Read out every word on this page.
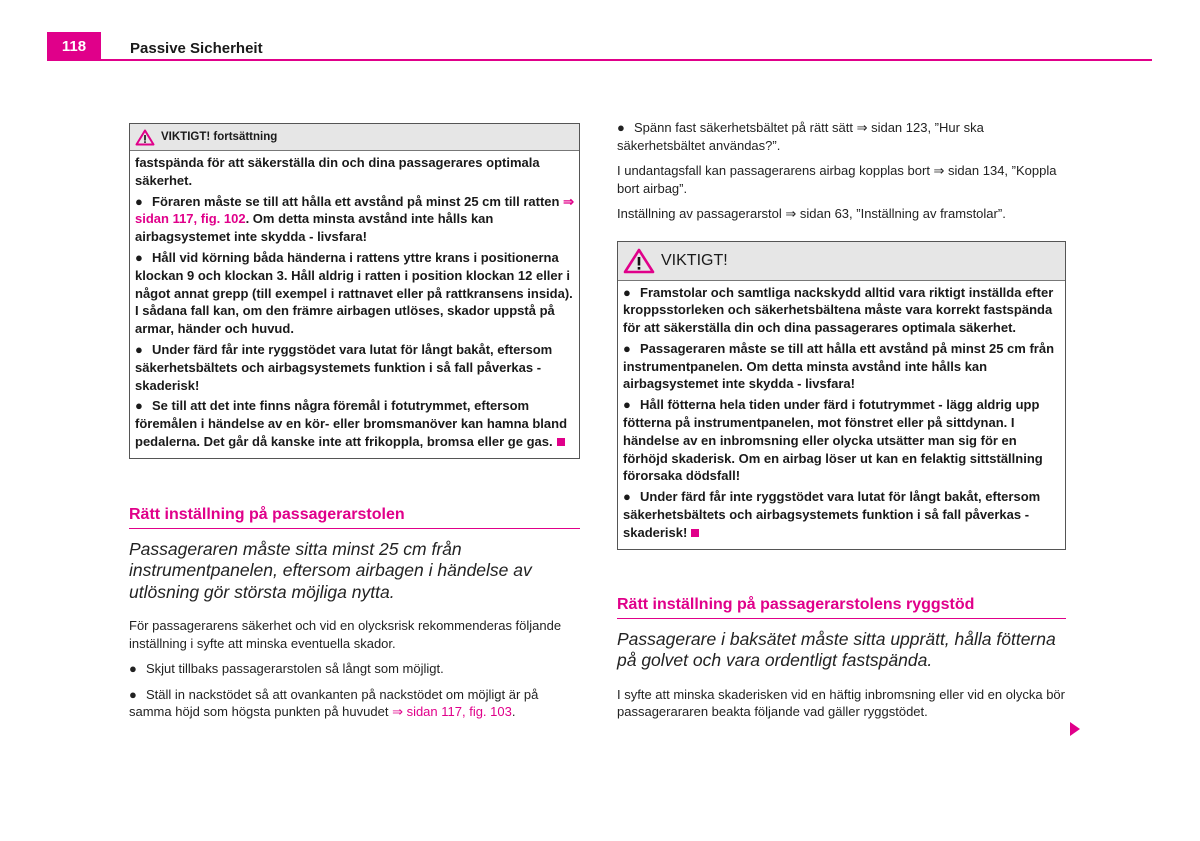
118	Passive Sicherheit
VIKTIGT! fortsättning

fastspända för att säkerställa din och dina passagerares optimala säkerhet.

● Föraren måste se till att hålla ett avstånd på minst 25 cm till ratten ⇒ sidan 117, fig. 102. Om detta minsta avstånd inte hålls kan airbagsystemet inte skydda - livsfara!

● Håll vid körning båda händerna i rattens yttre krans i positionerna klockan 9 och klockan 3. Håll aldrig i ratten i position klockan 12 eller i något annat grepp (till exempel i rattnavet eller på rattkransens insida). I sådana fall kan, om den främre airbagen utlöses, skador uppstå på armar, händer och huvud.

● Under färd får inte ryggstödet vara lutat för långt bakåt, eftersom säkerhetsbältets och airbagsystemets funktion i så fall påverkas - skaderisk!

● Se till att det inte finns några föremål i fotutrymmet, eftersom föremålen i händelse av en kör- eller bromsmanöver kan hamna bland pedalerna. Det går då kanske inte att frikoppla, bromsa eller ge gas.

Rätt inställning på passagerarstolen

Passageraren måste sitta minst 25 cm från instrumentpanelen, eftersom airbagen i händelse av utlösning gör största möjliga nytta.

För passagerarens säkerhet och vid en olycksrisk rekommenderas följande inställning i syfte att minska eventuella skador.

● Skjut tillbaks passagerarstolen så långt som möjligt.

● Ställ in nackstödet så att ovankanten på nackstödet om möjligt är på samma höjd som högsta punkten på huvudet ⇒ sidan 117, fig. 103.

● Spänn fast säkerhetsbältet på rätt sätt ⇒ sidan 123, ”Hur ska säkerhetsbältet användas?”.

I undantagsfall kan passagerarens airbag kopplas bort ⇒ sidan 134, ”Koppla bort airbag”.

Inställning av passagerarstol ⇒ sidan 63, ”Inställning av framstolar”.

VIKTIGT!

● Framstolar och samtliga nackskydd alltid vara riktigt inställda efter kroppsstorleken och säkerhetsbältena måste vara korrekt fastspända för att säkerställa din och dina passagerares optimala säkerhet.

● Passageraren måste se till att hålla ett avstånd på minst 25 cm från instrumentpanelen. Om detta minsta avstånd inte hålls kan airbagsystemet inte skydda - livsfara!

● Håll fötterna hela tiden under färd i fotutrymmet - lägg aldrig upp fötterna på instrumentpanelen, mot fönstret eller på sittdynan. I händelse av en inbromsning eller olycka utsätter man sig för en förhöjd skaderisk. Om en airbag löser ut kan en felaktig sittställning förorsaka dödsfall!

● Under färd får inte ryggstödet vara lutat för långt bakåt, eftersom säkerhetsbältets och airbagsystemets funktion i så fall påverkas - skaderisk!

Rätt inställning på passagerarstolens ryggstöd

Passagerare i baksätet måste sitta upprätt, hålla fötterna på golvet och vara ordentligt fastspända.

I syfte att minska skaderisken vid en häftig inbromsning eller vid en olycka bör passagerararen beakta följande vad gäller ryggstödet.
